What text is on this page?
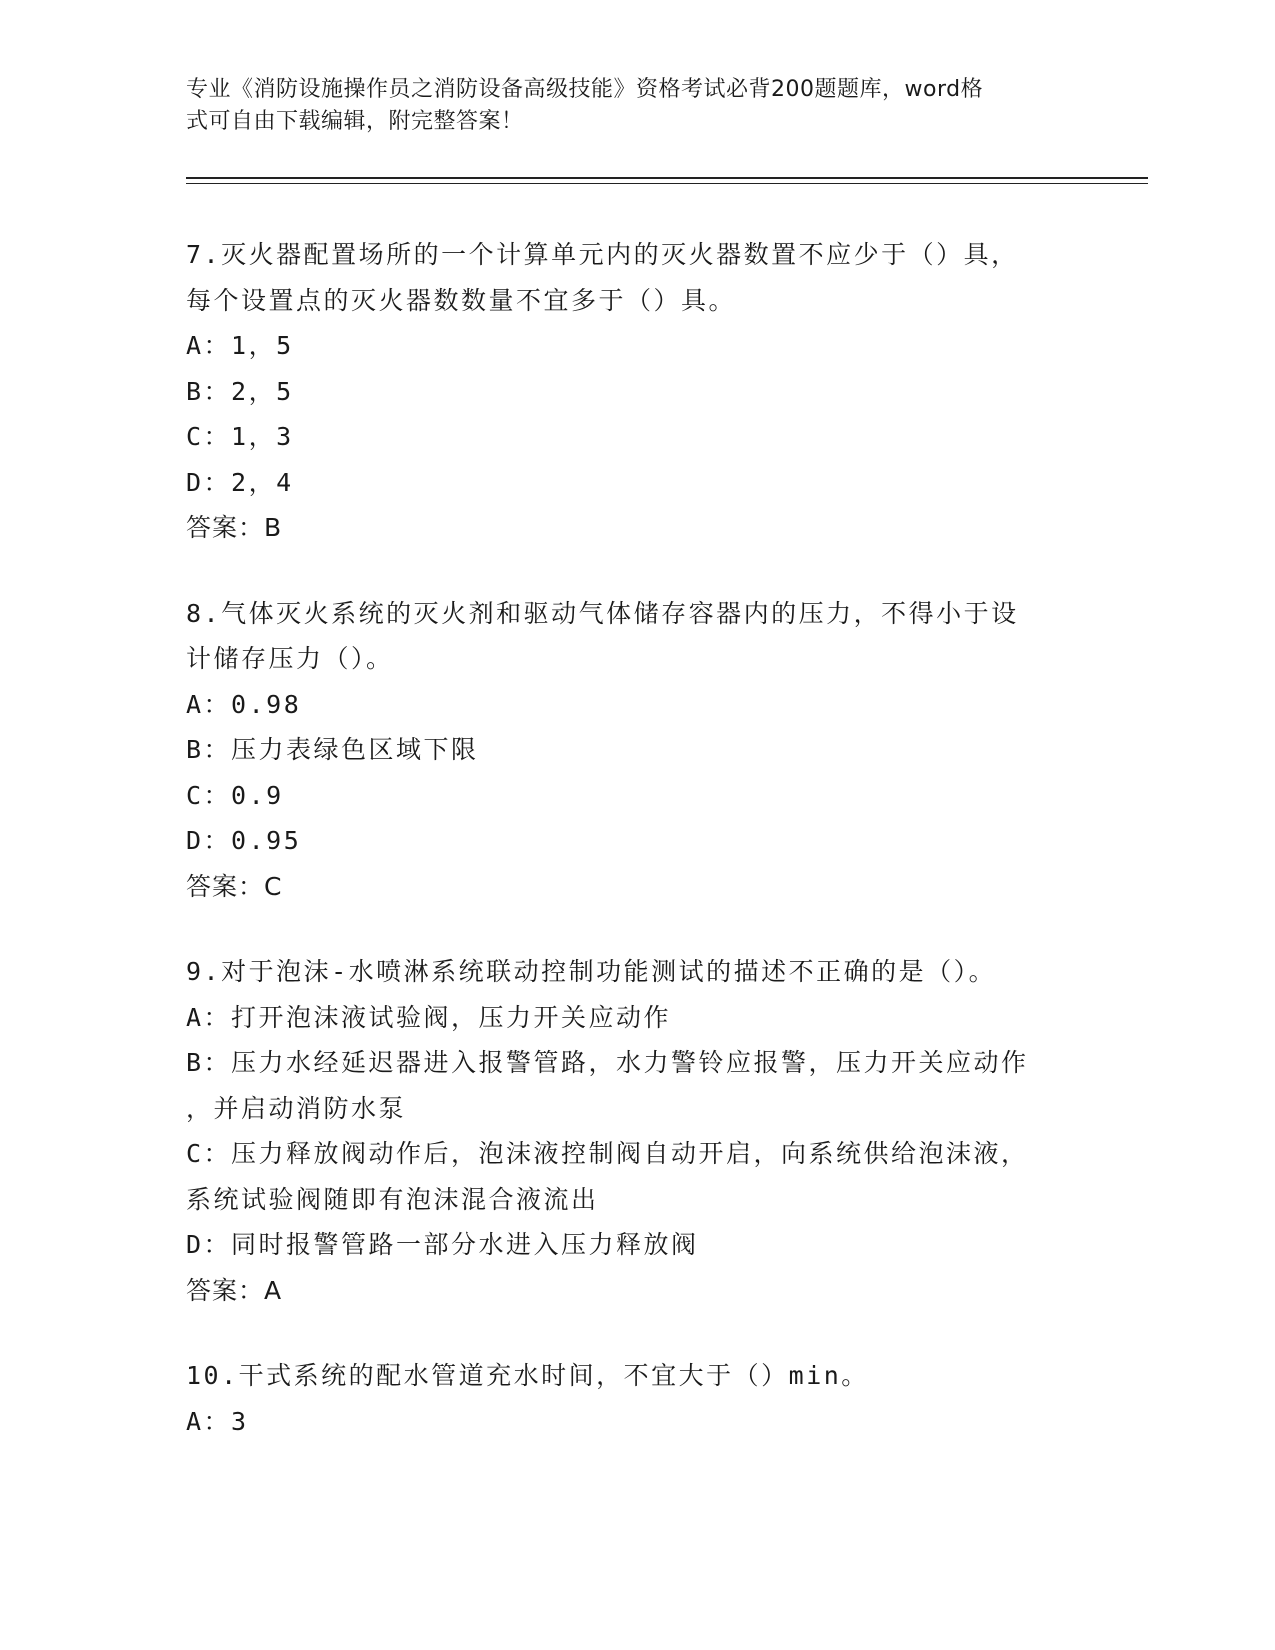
专业《消防设施操作员之消防设备高级技能》资格考试必背200题题库，word格
式可自由下载编辑，附完整答案！
7.灭火器配置场所的一个计算单元内的灭火器数置不应少于（）具，
每个设置点的灭火器数数量不宜多于（）具。
A：1，5
B：2，5
C：1，3
D：2，4
答案：B
8.气体灭火系统的灭火剂和驱动气体储存容器内的压力，不得小于设
计储存压力（）。
A：0.98
B：压力表绿色区域下限
C：0.9
D：0.95
答案：C
9.对于泡沫-水喷淋系统联动控制功能测试的描述不正确的是（）。
A：打开泡沫液试验阀，压力开关应动作
B：压力水经延迟器进入报警管路，水力警铃应报警，压力开关应动作
，并启动消防水泵
C：压力释放阀动作后，泡沫液控制阀自动开启，向系统供给泡沫液，
系统试验阀随即有泡沫混合液流出
D：同时报警管路一部分水进入压力释放阀
答案：A
10.干式系统的配水管道充水时间，不宜大于（）min。
A：3
